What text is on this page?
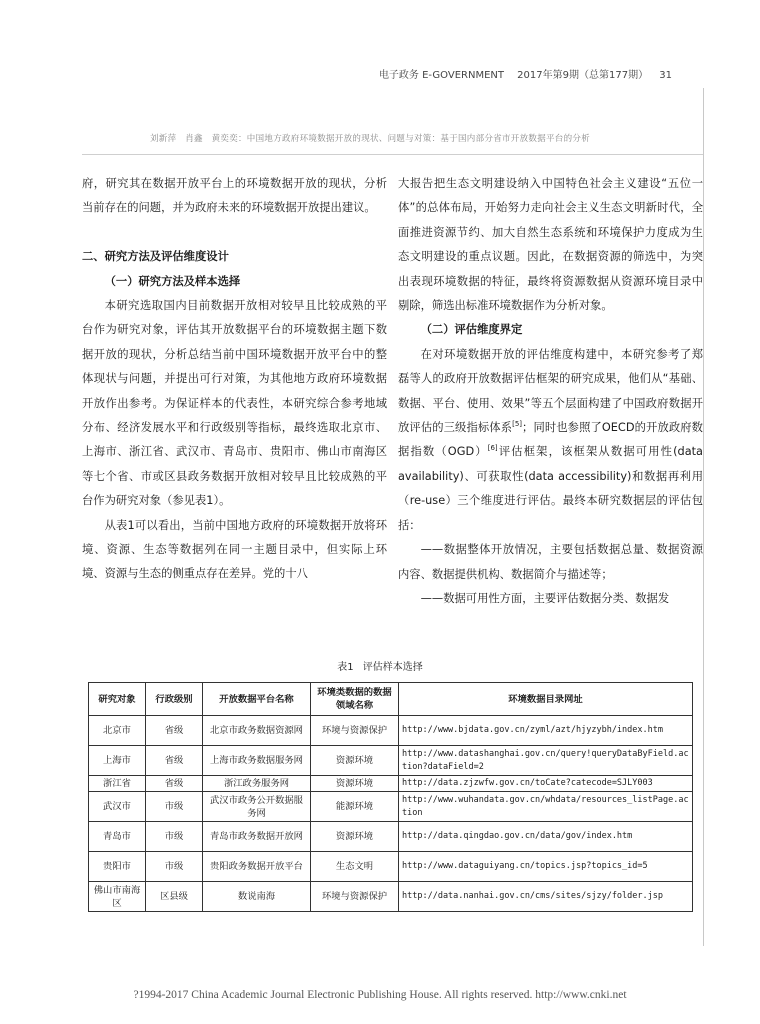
电子政务 E-GOVERNMENT 2017年第9期（总第177期） 31
刘新萍　肖鑫　黄奕奕：中国地方政府环境数据开放的现状、问题与对策：基于国内部分省市开放数据平台的分析

府，研究其在数据开放平台上的环境数据开放的现状，分析当前存在的问题，并为政府未来的环境数据开放提出建议。

二、研究方法及评估维度设计

（一）研究方法及样本选择

本研究选取国内目前数据开放相对较早且比较成熟的平台作为研究对象，评估其开放数据平台的环境数据主题下数据开放的现状，分析总结当前中国环境数据开放平台中的整体现状与问题，并提出可行对策，为其他地方政府环境数据开放作出参考。为保证样本的代表性，本研究综合参考地域分布、经济发展水平和行政级别等指标，最终选取北京市、上海市、浙江省、武汉市、青岛市、贵阳市、佛山市南海区等七个省、市或区县政务数据开放相对较早且比较成熟的平台作为研究对象（参见表1）。

从表1可以看出，当前中国地方政府的环境数据开放将环境、资源、生态等数据列在同一主题目录中，但实际上环境、资源与生态的侧重点存在差异。党的十八

大报告把生态文明建设纳入中国特色社会主义建设“五位一体”的总体布局，开始努力走向社会主义生态文明新时代，全面推进资源节约、加大自然生态系统和环境保护力度成为生态文明建设的重点议题。因此，在数据资源的筛选中，为突出表现环境数据的特征，最终将资源数据从资源环境目录中剔除，筛选出标准环境数据作为分析对象。

（二）评估维度界定

在对环境数据开放的评估维度构建中，本研究参考了郑磊等人的政府开放数据评估框架的研究成果，他们从“基础、数据、平台、使用、效果”等五个层面构建了中国政府数据开放评估的三级指标体系[5]；同时也参照了OECD的开放政府数据指数（OGD）[6]评估框架，该框架从数据可用性(data availability)、可获取性(data accessibility)和数据再利用（re-use）三个维度进行评估。最终本研究数据层的评估包括：

——数据整体开放情况，主要包括数据总量、数据资源内容、数据提供机构、数据简介与描述等；

——数据可用性方面，主要评估数据分类、数据发

表1 评估样本选择
研究对象	行政级别	开放数据平台名称	环境类数据的数据领域名称	环境数据目录网址
北京市	省级	北京市政务数据资源网	环境与资源保护	http://www.bjdata.gov.cn/zyml/azt/hjyzybh/index.htm
上海市	省级	上海市政务数据服务网	资源环境	http://www.datashanghai.gov.cn/query!queryDataByField.action?dataField=2
浙江省	省级	浙江政务服务网	资源环境	http://data.zjzwfw.gov.cn/toCate?catecode=SJLY003
武汉市	市级	武汉市政务公开数据服务网	能源环境	http://www.wuhandata.gov.cn/whdata/resources_listPage.action
青岛市	市级	青岛市政务数据开放网	资源环境	http://data.qingdao.gov.cn/data/gov/index.htm
贵阳市	市级	贵阳政务数据开放平台	生态文明	http://www.dataguiyang.cn/topics.jsp?topics_id=5
佛山市南海区	区县级	数说南海	环境与资源保护	http://data.nanhai.gov.cn/cms/sites/sjzy/folder.jsp
?1994-2017 China Academic Journal Electronic Publishing House. All rights reserved. http://www.cnki.net
